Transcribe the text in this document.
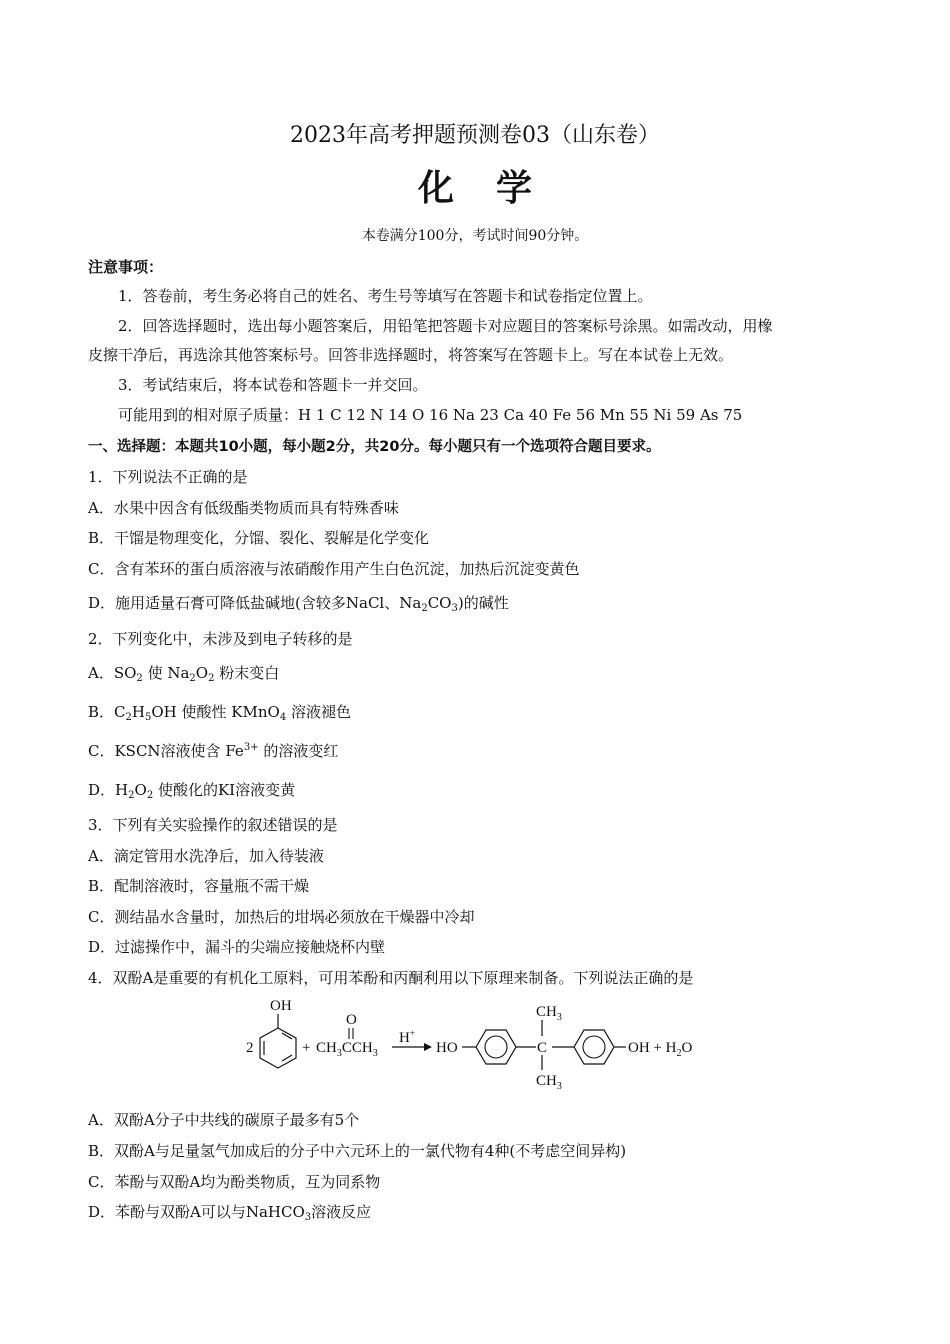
2023年高考押题预测卷03（山东卷）
化学
本卷满分100分，考试时间90分钟。
注意事项：
1．答卷前，考生务必将自己的姓名、考生号等填写在答题卡和试卷指定位置上。
2．回答选择题时，选出每小题答案后，用铅笔把答题卡对应题目的答案标号涂黑。如需改动，用橡
皮擦干净后，再选涂其他答案标号。回答非选择题时，将答案写在答题卡上。写在本试卷上无效。
3．考试结束后，将本试卷和答题卡一并交回。
可能用到的相对原子质量：H 1 C 12 N 14 O 16 Na 23 Ca 40 Fe 56 Mn 55 Ni 59 As 75
一、选择题：本题共10小题，每小题2分，共20分。每小题只有一个选项符合题目要求。
1．下列说法不正确的是
A．水果中因含有低级酯类物质而具有特殊香味
B．干馏是物理变化，分馏、裂化、裂解是化学变化
C．含有苯环的蛋白质溶液与浓硝酸作用产生白色沉淀，加热后沉淀变黄色
D．施用适量石膏可降低盐碱地(含较多NaCl、$Na_2CO_3$)的碱性
2．下列变化中，未涉及到电子转移的是
A．$SO_2$ 使 $Na_2O_2$ 粉末变白
B．$C_2H_5OH$ 使酸性 KMnO$_4$ 溶液褪色
C．KSCN溶液使含 $Fe^{3+}$ 的溶液变红
D．$H_2O_2$ 使酸化的KI溶液变黄
3．下列有关实验操作的叙述错误的是
A．滴定管用水洗净后，加入待装液
B．配制溶液时，容量瓶不需干燥
C．测结晶水含量时，加热后的坩埚必须放在干燥器中冷却
D．过滤操作中，漏斗的尖端应接触烧杯内壁
4．双酚A是重要的有机化工原料，可用苯酚和丙酮利用以下原理来制备。下列说法正确的是
2
OH
+
O
$CH_3CCH_3$
H+
HO	C
$CH_3$
$CH_3$
OH + $H_2O$
A．双酚A分子中共线的碳原子最多有5个
B．双酚A与足量氢气加成后的分子中六元环上的一氯代物有4种(不考虑空间异构)
C．苯酚与双酚A均为酚类物质，互为同系物
D．苯酚与双酚A可以与NaHCO$_3$溶液反应
